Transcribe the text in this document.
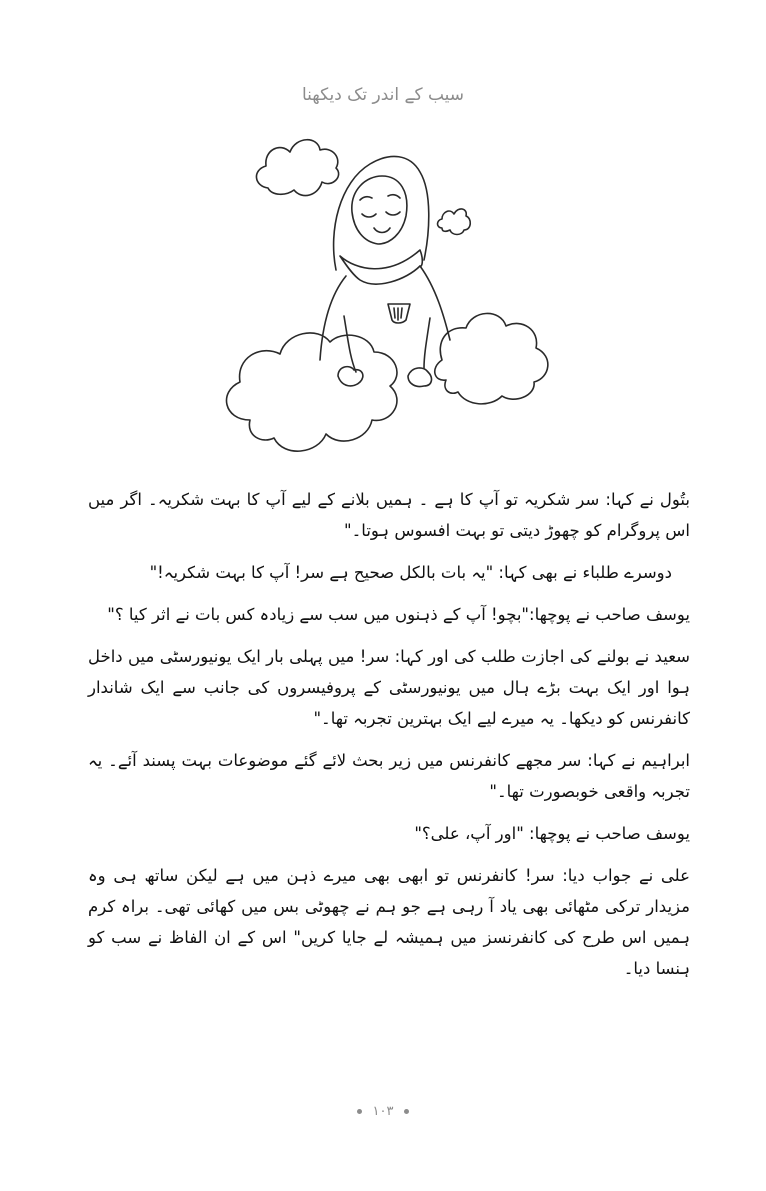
سیب کے اندر تک دیکھنا

بتُول نے کہا: سر شکریہ تو آپ کا ہے ۔ ہمیں بلانے کے لیے آپ کا بہت شکریہ۔ اگر میں اس پروگرام کو چھوڑ دیتی تو بہت افسوس ہوتا۔"

دوسرے طلباء نے بھی کہا: "یہ بات بالکل صحیح ہے سر! آپ کا بہت شکریہ!"

یوسف صاحب نے پوچھا:"بچو! آپ کے ذہنوں میں سب سے زیادہ کس بات نے اثر کیا ؟"

سعید نے بولنے کی اجازت طلب کی اور کہا: سر! میں پہلی بار ایک یونیورسٹی میں داخل ہوا اور ایک بہت بڑے ہال میں یونیورسٹی کے پروفیسروں کی جانب سے ایک شاندار کانفرنس کو دیکھا۔ یہ میرے لیے ایک بہترین تجربہ تھا۔"

ابراہیم نے کہا: سر مجھے کانفرنس میں زیر بحث لائے گئے موضوعات بہت پسند آئے۔ یہ تجربہ واقعی خوبصورت تھا۔"

یوسف صاحب نے پوچھا: "اور آپ، علی؟"

علی نے جواب دیا: سر! کانفرنس تو ابھی بھی میرے ذہن میں ہے لیکن ساتھ ہی وہ مزیدار ترکی مٹھائی بھی یاد آ رہی ہے جو ہم نے چھوٹی بس میں کھائی تھی۔ براہ کرم ہمیں اس طرح کی کانفرنسز میں ہمیشہ لے جایا کریں" اس کے ان الفاظ نے سب کو ہنسا دیا۔

۱۰۳
